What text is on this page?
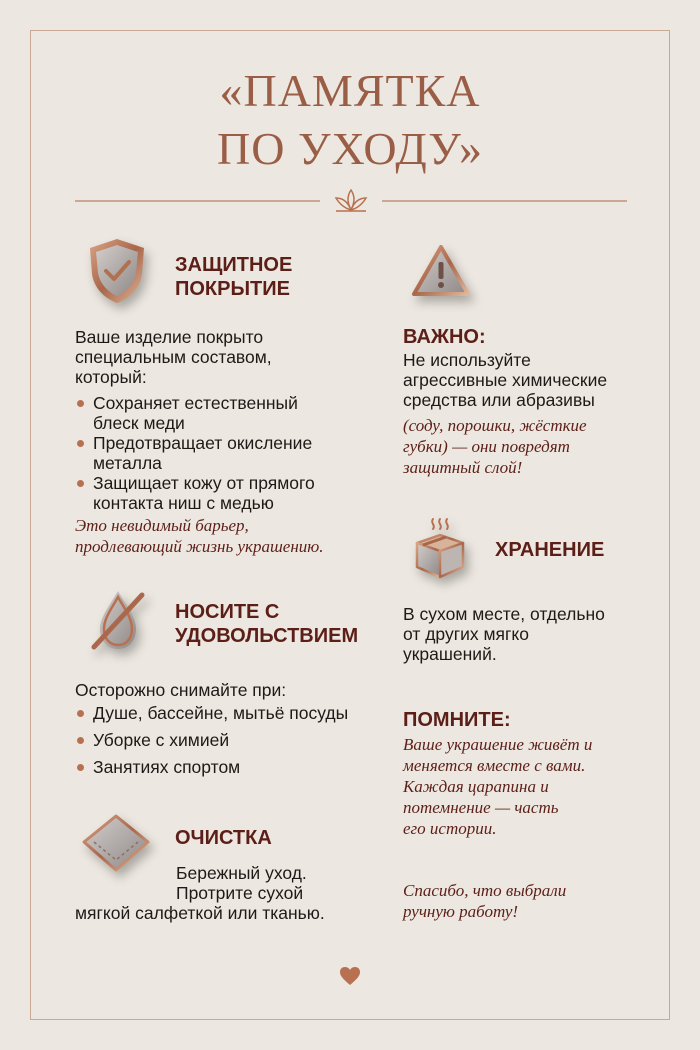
«ПАМЯТКА
ПО УХОДУ»
ЗАЩИТНОЕ
ПОКРЫТИЕ
Ваше изделие покрыто
специальным составом,
который:
Сохраняет естественный
блеск меди
Предотвращает окисление
металла
Защищает кожу от прямого
контакта ниш с медью
Это невидимый барьер,
продлевающий жизнь украшению.
НОСИТЕ С
УДОВОЛЬСТВИЕМ
Осторожно снимайте при:
Душе, бассейне, мытьё посуды
Уборке с химией
Занятиях спортом
ОЧИСТКА
Бережный уход.
Протрите сухой
мягкой салфеткой или тканью.
ВАЖНО:
Не используйте
агрессивные химические
средства или абразивы
(соду, порошки, жёсткие
губки) — они повредят
защитный слой!
ХРАНЕНИЕ
В сухом месте, отдельно
от других мягко
украшений.
ПОМНИТЕ:
Ваше украшение живёт и
меняется вместе с вами.
Каждая царапина и
потемнение — часть
его истории.
Спасибо, что выбрали
ручную работу!
